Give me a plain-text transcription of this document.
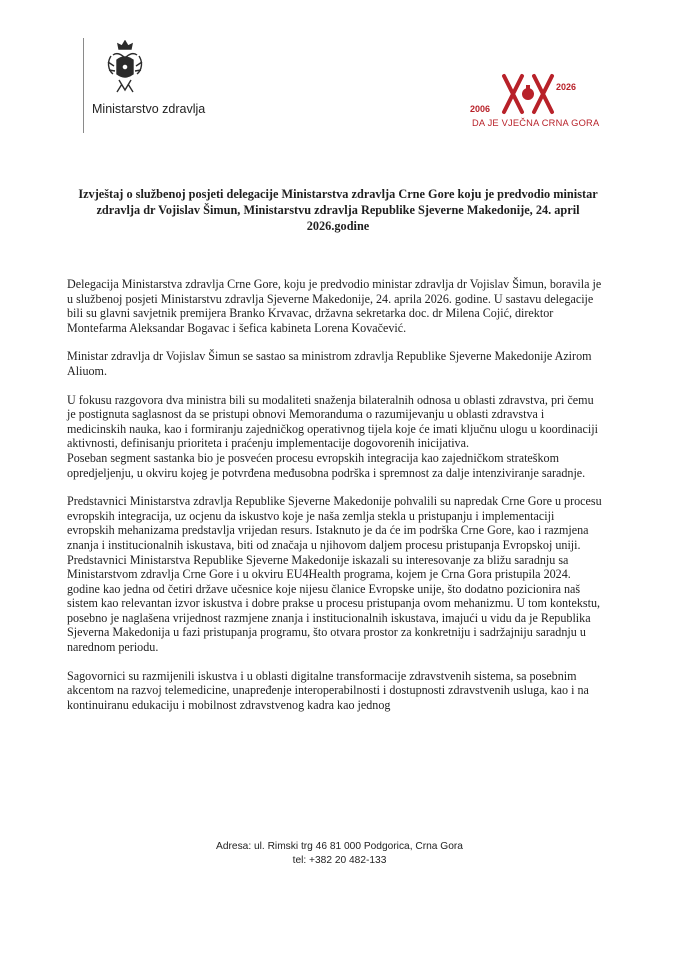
Ministarstvo zdravlja	2006
2026
DA JE VJEČNA CRNA GORA
Izvještaj o službenoj posjeti delegacije Ministarstva zdravlja Crne Gore koju je predvodio ministar zdravlja dr Vojislav Šimun, Ministarstvu zdravlja Republike Sjeverne Makedonije, 24. april 2026.godine

Delegacija Ministarstva zdravlja Crne Gore, koju je predvodio ministar zdravlja dr Vojislav Šimun, boravila je u službenoj posjeti Ministarstvu zdravlja Sjeverne Makedonije, 24. aprila 2026. godine. U sastavu delegacije bili su glavni savjetnik premijera Branko Krvavac, državna sekretarka doc. dr Milena Cojić, direktor Montefarma Aleksandar Bogavac i šefica kabineta Lorena Kovačević.

Ministar zdravlja dr Vojislav Šimun se sastao sa ministrom zdravlja Republike Sjeverne Makedonije Azirom Aliuom.

U fokusu razgovora dva ministra bili su modaliteti snaženja bilateralnih odnosa u oblasti zdravstva, pri čemu je postignuta saglasnost da se pristupi obnovi Memoranduma o razumijevanju u oblasti zdravstva i medicinskih nauka, kao i formiranju zajedničkog operativnog tijela koje će imati ključnu ulogu u koordinaciji aktivnosti, definisanju prioriteta i praćenju implementacije dogovorenih inicijativa.

Poseban segment sastanka bio je posvećen procesu evropskih integracija kao zajedničkom strateškom opredjeljenju, u okviru kojeg je potvrđena međusobna podrška i spremnost za dalje intenziviranje saradnje.

Predstavnici Ministarstva zdravlja Republike Sjeverne Makedonije pohvalili su napredak Crne Gore u procesu evropskih integracija, uz ocjenu da iskustvo koje je naša zemlja stekla u pristupanju i implementaciji evropskih mehanizama predstavlja vrijedan resurs. Istaknuto je da će im podrška Crne Gore, kao i razmjena znanja i institucionalnih iskustava, biti od značaja u njihovom daljem procesu pristupanja Evropskoj uniji. Predstavnici Ministarstva Republike Sjeverne Makedonije iskazali su interesovanje za bližu saradnju sa Ministarstvom zdravlja Crne Gore i u okviru EU4Health programa, kojem je Crna Gora pristupila 2024. godine kao jedna od četiri države učesnice koje nijesu članice Evropske unije, što dodatno pozicionira naš sistem kao relevantan izvor iskustva i dobre prakse u procesu pristupanja ovom mehanizmu. U tom kontekstu, posebno je naglašena vrijednost razmjene znanja i institucionalnih iskustava, imajući u vidu da je Republika Sjeverna Makedonija u fazi pristupanja programu, što otvara prostor za konkretniju i sadržajniju saradnju u narednom periodu.

Sagovornici su razmijenili iskustva i u oblasti digitalne transformacije zdravstvenih sistema, sa posebnim akcentom na razvoj telemedicine, unapređenje interoperabilnosti i dostupnosti zdravstvenih usluga, kao i na kontinuiranu edukaciju i mobilnost zdravstvenog kadra kao jednog

Adresa: ul. Rimski trg 46 81 000 Podgorica, Crna Gora
tel: +382 20 482-133
